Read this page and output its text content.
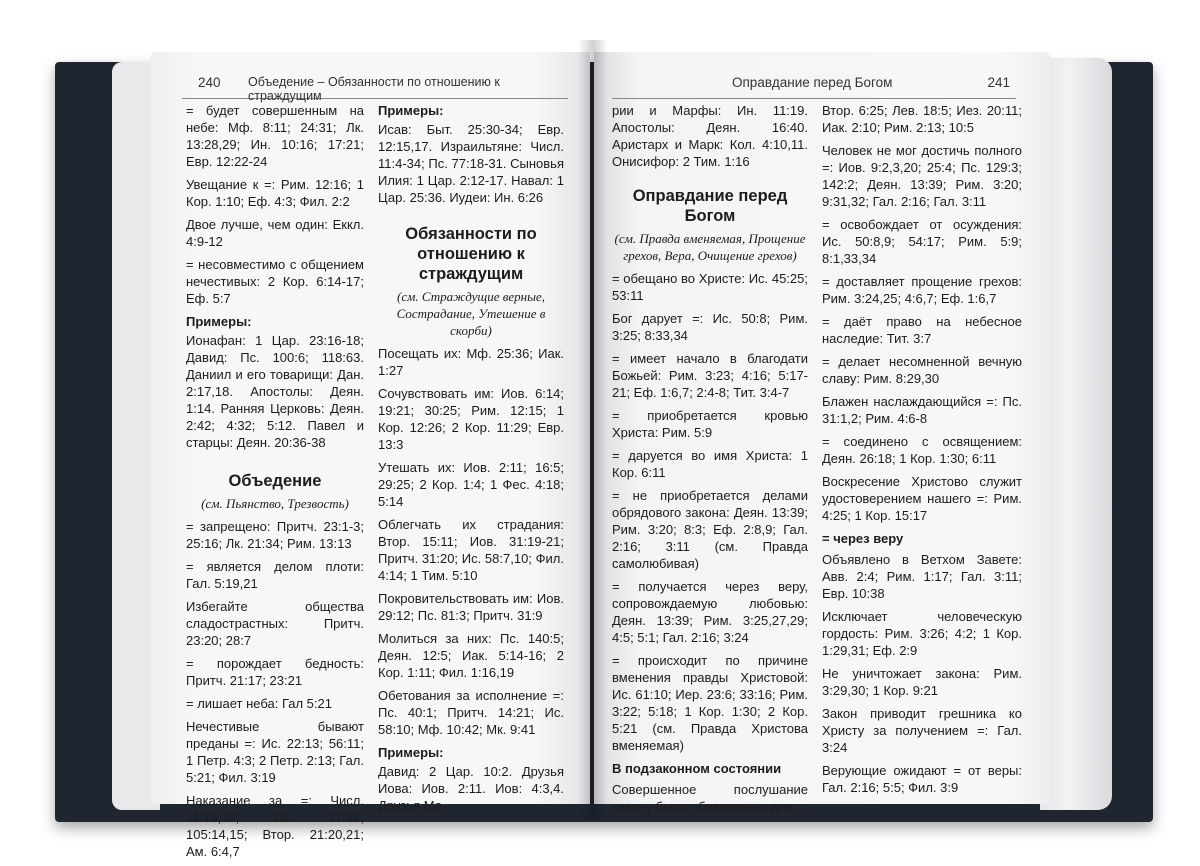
240 Объедение – Обязанности по отношению к страждущим

= будет совершенным на небе: Мф. 8:11; 24:31; Лк. 13:28,29; Ин. 10:16; 17:21; Евр. 12:22-24

Увещание к =: Рим. 12:16; 1 Кор. 1:10; Еф. 4:3; Фил. 2:2

Двое лучше, чем один: Еккл. 4:9-12

= несовместимо с общением нечестивых: 2 Кор. 6:14-17; Еф. 5:7

Примеры:

Ионафан: 1 Цар. 23:16-18; Давид: Пс. 100:6; 118:63. Даниил и его товарищи: Дан. 2:17,18. Апостолы: Деян. 1:14. Ранняя Церковь: Деян. 2:42; 4:32; 5:12. Павел и старцы: Деян. 20:36-38

Объедение
(см. Пьянство, Трезвость)

= запрещено: Притч. 23:1-3; 25:16; Лк. 21:34; Рим. 13:13

= является делом плоти: Гал. 5:19,21

Избегайте общества сладострастных: Притч. 23:20; 28:7

= порождает бедность: Притч. 21:17; 23:21

= лишает неба: Гал 5:21

Нечестивые бывают преданы =: Ис. 22:13; 56:11; 1 Петр. 4:3; 2 Петр. 2:13; Гал. 5:21; Фил. 3:19

Наказание за =: Числ. 11:18,33; Пс. 77:31; 105:14,15; Втор. 21:20,21; Ам. 6:4,7

Примеры:

Исав: Быт. 25:30-34; Евр. 12:15,17. Израильтяне: Числ. 11:4-34; Пс. 77:18-31. Сыновья Илия: 1 Цар. 2:12-17. Навал: 1 Цар. 25:36. Иудеи: Ин. 6:26

Обязанности по отношению к страждущим
(см. Страждущие верные, Сострадание, Утешение в скорби)

Посещать их: Мф. 25:36; Иак. 1:27

Сочувствовать им: Иов. 6:14; 19:21; 30:25; Рим. 12:15; 1 Кор. 12:26; 2 Кор. 11:29; Евр. 13:3

Утешать их: Иов. 2:11; 16:5; 29:25; 2 Кор. 1:4; 1 Фес. 4:18; 5:14

Облегчать их страдания: Втор. 15:11; Иов. 31:19-21; Притч. 31:20; Ис. 58:7,10; Фил. 4:14; 1 Тим. 5:10

Покровительствовать им: Иов. 29:12; Пс. 81:3; Притч. 31:9

Молиться за них: Пс. 140:5; Деян. 12:5; Иак. 5:14-16; 2 Кор. 1:11; Фил. 1:16,19

Обетования за исполнение =: Пс. 40:1; Притч. 14:21; Ис. 58:10; Мф. 10:42; Мк. 9:41

Примеры:

Давид: 2 Цар. 10:2. Друзья Иова: Иов. 2:11. Иов: 4:3,4. Друзья Ма-

Оправдание перед Богом	241

рии и Марфы: Ин. 11:19. Апостолы: Деян. 16:40. Аристарх и Марк: Кол. 4:10,11. Онисифор: 2 Тим. 1:16

Оправдание перед Богом
(см. Правда вменяемая, Прощение грехов, Вера, Очищение грехов)

= обещано во Христе: Ис. 45:25; 53:11

Бог дарует =: Ис. 50:8; Рим. 3:25; 8:33,34

= имеет начало в благодати Божьей: Рим. 3:23; 4:16; 5:17-21; Еф. 1:6,7; 2:4-8; Тит. 3:4-7

= приобретается кровью Христа: Рим. 5:9

= даруется во имя Христа: 1 Кор. 6:11

= не приобретается делами обрядового закона: Деян. 13:39; Рим. 3:20; 8:3; Еф. 2:8,9; Гал. 2:16; 3:11 (см. Правда самолюбивая)

= получается через веру, сопровождаемую любовью: Деян. 13:39; Рим. 3:25,27,29; 4:5; 5:1; Гал. 2:16; 3:24

= происходит по причине вменения правды Христовой: Ис. 61:10; Иер. 23:6; 33:16; Рим. 3:22; 5:18; 1 Кор. 1:30; 2 Кор. 5:21 (см. Правда Христова вменяемая)

В подзаконном состоянии

Совершенное послушание закону было обязательно для =:

Втор. 6:25; Лев. 18:5; Иез. 20:11; Иак. 2:10; Рим. 2:13; 10:5

Человек не мог достичь полного =: Иов. 9:2,3,20; 25:4; Пс. 129:3; 142:2; Деян. 13:39; Рим. 3:20; 9:31,32; Гал. 2:16; Гал. 3:11

= освобождает от осуждения: Ис. 50:8,9; 54:17; Рим. 5:9; 8:1,33,34

= доставляет прощение грехов: Рим. 3:24,25; 4:6,7; Еф. 1:6,7

= даёт право на небесное наследие: Тит. 3:7

= делает несомненной вечную славу: Рим. 8:29,30

Блажен наслаждающийся =: Пс. 31:1,2; Рим. 4:6-8

= соединено с освящением: Деян. 26:18; 1 Кор. 1:30; 6:11

Воскресение Христово служит удостоверением нашего =: Рим. 4:25; 1 Кор. 15:17

= через веру

Объявлено в Ветхом Завете: Авв. 2:4; Рим. 1:17; Гал. 3:11; Евр. 10:38

Исключает человеческую гордость: Рим. 3:26; 4:2; 1 Кор. 1:29,31; Еф. 2:9

Не уничтожает закона: Рим. 3:29,30; 1 Кор. 9:21

Закон приводит грешника ко Христу за получением =: Гал. 3:24

Верующие ожидают = от веры: Гал. 2:16; 5:5; Фил. 3:9
